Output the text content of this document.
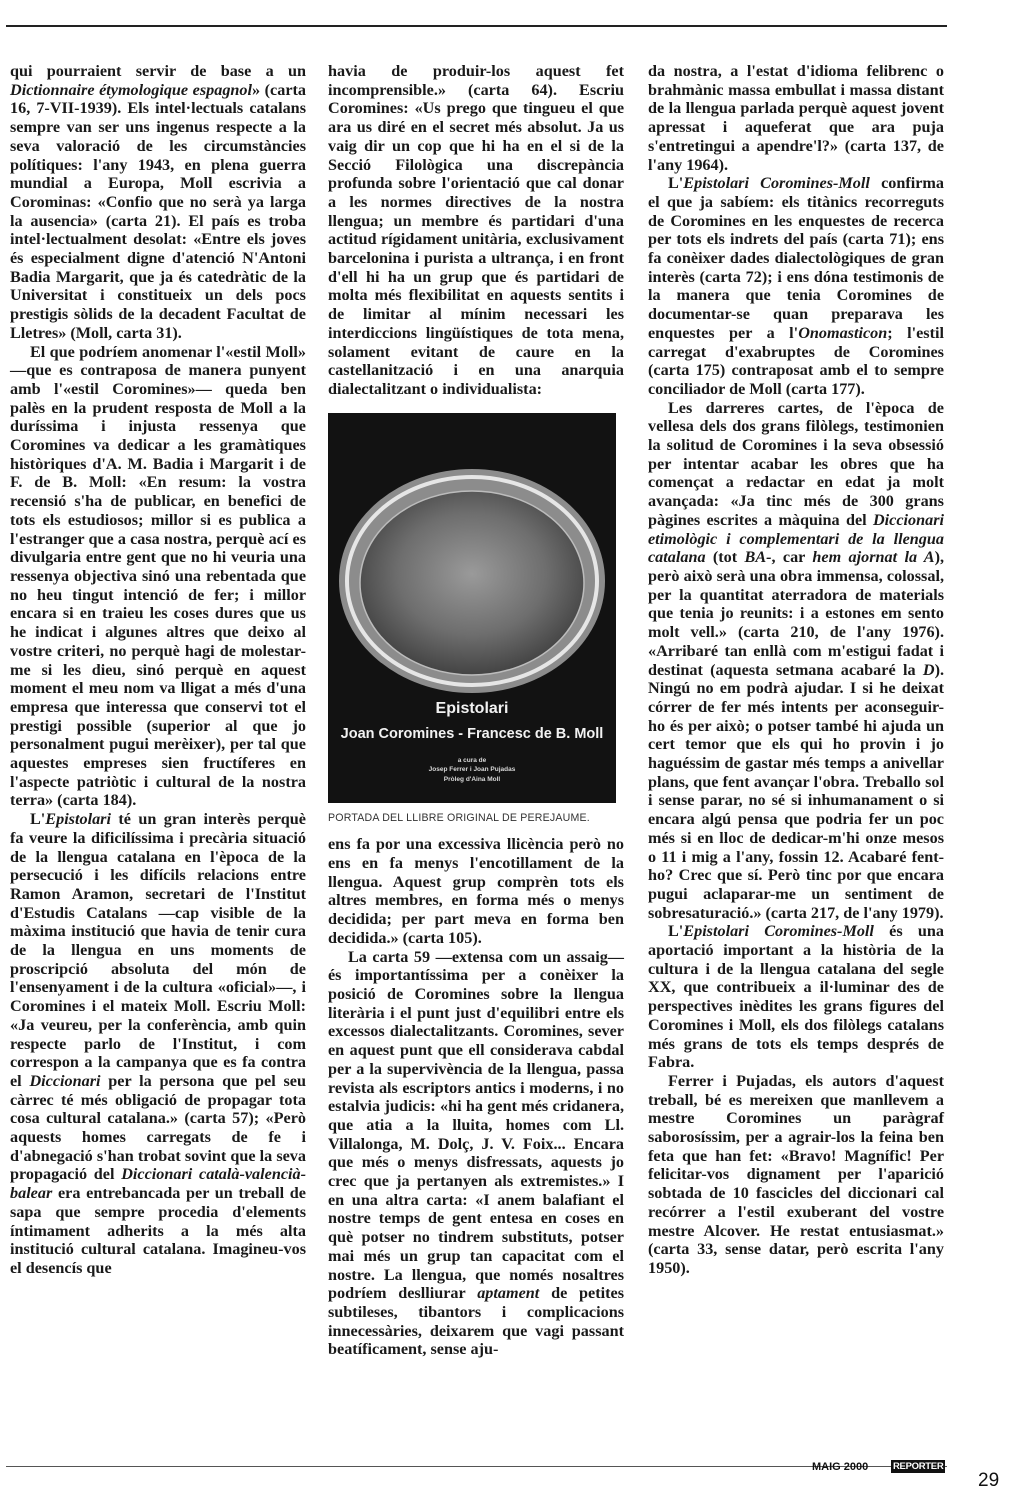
qui pourraient servir de base a un Dictionnaire étymologique espagnol» (carta 16, 7-VII-1939). Els intel·lectuals catalans sempre van ser uns ingenus respecte a la seva valoració de les circumstàncies polítiques: l'any 1943, en plena guerra mundial a Europa, Moll escrivia a Corominas: «Confio que no serà ya larga la ausencia» (carta 21). El país es troba intel·lectualment desolat: «Entre els joves és especialment digne d'atenció N'Antoni Badia Margarit, que ja és catedràtic de la Universitat i constitueix un dels pocs prestigis sòlids de la decadent Facultat de Lletres» (Moll, carta 31).

El que podríem anomenar l'«estil Moll» —que es contraposa de manera punyent amb l'«estil Coromines»— queda ben palès en la prudent resposta de Moll a la duríssima i injusta ressenya que Coromines va dedicar a les gramàtiques històriques d'A. M. Badia i Margarit i de F. de B. Moll: «En resum: la vostra recensió s'ha de publicar, en benefici de tots els estudiosos; millor si es publica a l'estranger que a casa nostra, perquè ací es divulgaria entre gent que no hi veuria una ressenya objectiva sinó una rebentada que no heu tingut intenció de fer; i millor encara si en traieu les coses dures que us he indicat i algunes altres que deixo al vostre criteri, no perquè hagi de molestar-me si les dieu, sinó perquè en aquest moment el meu nom va lligat a més d'una empresa que interessa que conservi tot el prestigi possible (superior al que jo personalment pugui merèixer), per tal que aquestes empreses sien fructíferes en l'aspecte patriòtic i cultural de la nostra terra» (carta 184).

L'Epistolari té un gran interès perquè fa veure la dificilíssima i precària situació de la llengua catalana en l'època de la persecució i les difícils relacions entre Ramon Aramon, secretari de l'Institut d'Estudis Catalans —cap visible de la màxima institució que havia de tenir cura de la llengua en uns moments de proscripció absoluta del món de l'ensenyament i de la cultura «oficial»—, i Coromines i el mateix Moll. Escriu Moll: «Ja veureu, per la conferència, amb quin respecte parlo de l'Institut, i com correspon a la campanya que es fa contra el Diccionari per la persona que pel seu càrrec té més obligació de propagar tota cosa cultural catalana.» (carta 57); «Però aquests homes carregats de fe i d'abnegació s'han trobat sovint que la seva propagació del Diccionari català-valencià-balear era entrebancada per un treball de sapa que sempre procedia d'elements íntimament adherits a la més alta institució cultural catalana. Imagineu-vos el desencís que

havia de produir-los aquest fet incomprensible.» (carta 64). Escriu Coromines: «Us prego que tingueu el que ara us diré en el secret més absolut. Ja us vaig dir un cop que hi ha en el si de la Secció Filològica una discrepància profunda sobre l'orientació que cal donar a les normes directives de la nostra llengua; un membre és partidari d'una actitud rígidament unitària, exclusivament barcelonina i purista a ultrança, i en front d'ell hi ha un grup que és partidari de molta més flexibilitat en aquests sentits i de limitar al mínim necessari les interdiccions lingüístiques de tota mena, solament evitant de caure en la castellanització i en una anarquia dialectalitzant o individualista:

Epistolari
Joan Coromines - Francesc de B. Moll
a cura de
Josep Ferrer i Joan Pujadas
Pròleg d'Aina Moll
PORTADA DEL LLIBRE ORIGINAL DE PEREJAUME.

ens fa por una excessiva llicència però no ens en fa menys l'encotillament de la llengua. Aquest grup comprèn tots els altres membres, en forma més o menys decidida; per part meva en forma ben decidida.» (carta 105).

La carta 59 —extensa com un assaig— és importantíssima per a conèixer la posició de Coromines sobre la llengua literària i el punt just d'equilibri entre els excessos dialectalitzants. Coromines, sever en aquest punt que ell considerava cabdal per a la supervivència de la llengua, passa revista als escriptors antics i moderns, i no estalvia judicis: «hi ha gent més cridanera, que atia a la lluita, homes com Ll. Villalonga, M. Dolç, J. V. Foix... Encara que més o menys disfressats, aquests jo crec que ja pertanyen als extremistes.» I en una altra carta: «I anem balafiant el nostre temps de gent entesa en coses en què potser no tindrem substituts, potser mai més un grup tan capacitat com el nostre. La llengua, que només nosaltres podríem deslliurar aptament de petites subtileses, tibantors i complicacions innecessàries, deixarem que vagi passant beatíficament, sense aju-

da nostra, a l'estat d'idioma felibrenc o brahmànic massa embullat i massa distant de la llengua parlada perquè aquest jovent apressat i aqueferat que ara puja s'entretingui a apendre'l?» (carta 137, de l'any 1964).

L'Epistolari Coromines-Moll confirma el que ja sabíem: els titànics recorreguts de Coromines en les enquestes de recerca per tots els indrets del país (carta 71); ens fa conèixer dades dialectològiques de gran interès (carta 72); i ens dóna testimonis de la manera que tenia Coromines de documentar-se quan preparava les enquestes per a l'Onomasticon; l'estil carregat d'exabruptes de Coromines (carta 175) contraposat amb el to sempre conciliador de Moll (carta 177).

Les darreres cartes, de l'època de vellesa dels dos grans filòlegs, testimonien la solitud de Coromines i la seva obsessió per intentar acabar les obres que ha començat a redactar en edat ja molt avançada: «Ja tinc més de 300 grans pàgines escrites a màquina del Diccionari etimològic i complementari de la llengua catalana (tot BA-, car hem ajornat la A), però això serà una obra immensa, colossal, per la quantitat aterradora de materials que tenia jo reunits: i a estones em sento molt vell.» (carta 210, de l'any 1976). «Arribaré tan enllà com m'estigui fadat i destinat (aquesta setmana acabaré la D). Ningú no em podrà ajudar. I si he deixat córrer de fer més intents per aconseguir-ho és per això; o potser també hi ajuda un cert temor que els qui ho provin i jo haguéssim de gastar més temps a anivellar plans, que fent avançar l'obra. Treballo sol i sense parar, no sé si inhumanament o si encara algú pensa que podria fer un poc més si en lloc de dedicar-m'hi onze mesos o 11 i mig a l'any, fossin 12. Acabaré fent-ho? Crec que sí. Però tinc por que encara pugui aclaparar-me un sentiment de sobresaturació.» (carta 217, de l'any 1979).

L'Epistolari Coromines-Moll és una aportació important a la història de la cultura i de la llengua catalana del segle XX, que contribueix a il·luminar des de perspectives inèdites les grans figures del Coromines i Moll, els dos filòlegs catalans més grans de tots els temps després de Fabra.

Ferrer i Pujadas, els autors d'aquest treball, bé es mereixen que manllevem a mestre Coromines un paràgraf saborosíssim, per a agrair-los la feina ben feta que han fet: «Bravo! Magnífic! Per felicitar-vos dignament per l'aparició sobtada de 10 fascicles del diccionari cal recórrer a l'estil exuberant del vostre mestre Alcover. He restat entusiasmat.» (carta 33, sense datar, però escrita l'any 1950).

MAIG 2000	REPORTER
29
